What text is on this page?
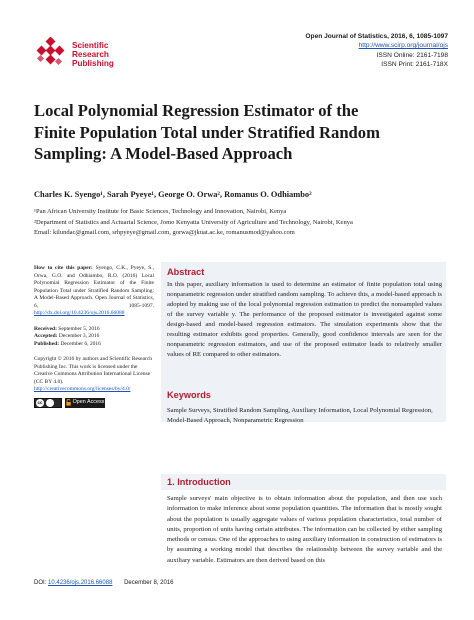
Scientific
Research
Publishing
Open Journal of Statistics, 2016, 6, 1085-1097
http://www.scirp.org/journal/ojs
ISSN Online: 2161-7198
ISSN Print: 2161-718X
Local Polynomial Regression Estimator of the
Finite Population Total under Stratified Random
Sampling: A Model-Based Approach
Charles K. Syengo¹, Sarah Pyeye¹, George O. Orwa², Romanus O. Odhiambo²
¹Pan African University Institute for Basic Sciences, Technology and Innovation, Nairobi, Kenya
²Department of Statistics and Actuarial Science, Jomo Kenyatta University of Agriculture and Technology, Nairobi, Kenya
Email: kilundac@gmail.com, srhpyeye@gmail.com, gorwa@jkuat.ac.ke, romanusmod@yahoo.com
How to cite this paper: Syengo, C.K., Pyeye, S., Orwa, G.O. and Odhiambo, R.O. (2016) Local Polynomial Regression Estimator of the Finite Population Total under Stratified Random Sampling: A Model-Based Approach. Open Journal of Statistics, 6, 1085-1097. http://dx.doi.org/10.4236/ojs.2016.66088
Received: September 5, 2016
Accepted: December 3, 2016
Published: December 6, 2016
Copyright © 2016 by authors and Scientific Research Publishing Inc. This work is licensed under the Creative Commons Attribution International License (CC BY 4.0). http://creativecommons.org/licenses/by/4.0/
cc	Open Access
Abstract
In this paper, auxiliary information is used to determine an estimator of finite population total using nonparametric regression under stratified random sampling. To achieve this, a model-based approach is adopted by making use of the local polynomial regression estimation to predict the nonsampled values of the survey variable y. The performance of the proposed estimator is investigated against some design-based and model-based regression estimators. The simulation experiments show that the resulting estimator exhibits good properties. Generally, good confidence intervals are seen for the nonparametric regression estimators, and use of the proposed estimator leads to relatively smaller values of RE compared to other estimators.
Keywords
Sample Surveys, Stratified Random Sampling, Auxiliary Information, Local Polynomial Regression, Model-Based Approach, Nonparametric Regression
1. Introduction
Sample surveys' main objective is to obtain information about the population, and then use such information to make inference about some population quantities. The information that is mostly sought about the population is usually aggregate values of various population characteristics, total number of units, proportion of units having certain attributes. The information can be collected by either sampling methods or census. One of the approaches to using auxiliary information in construction of estimators is by assuming a working model that describes the relationship between the survey variable and the auxiliary variable. Estimators are then derived based on this
DOI: 10.4236/ojs.2016.66088 December 8, 2016
